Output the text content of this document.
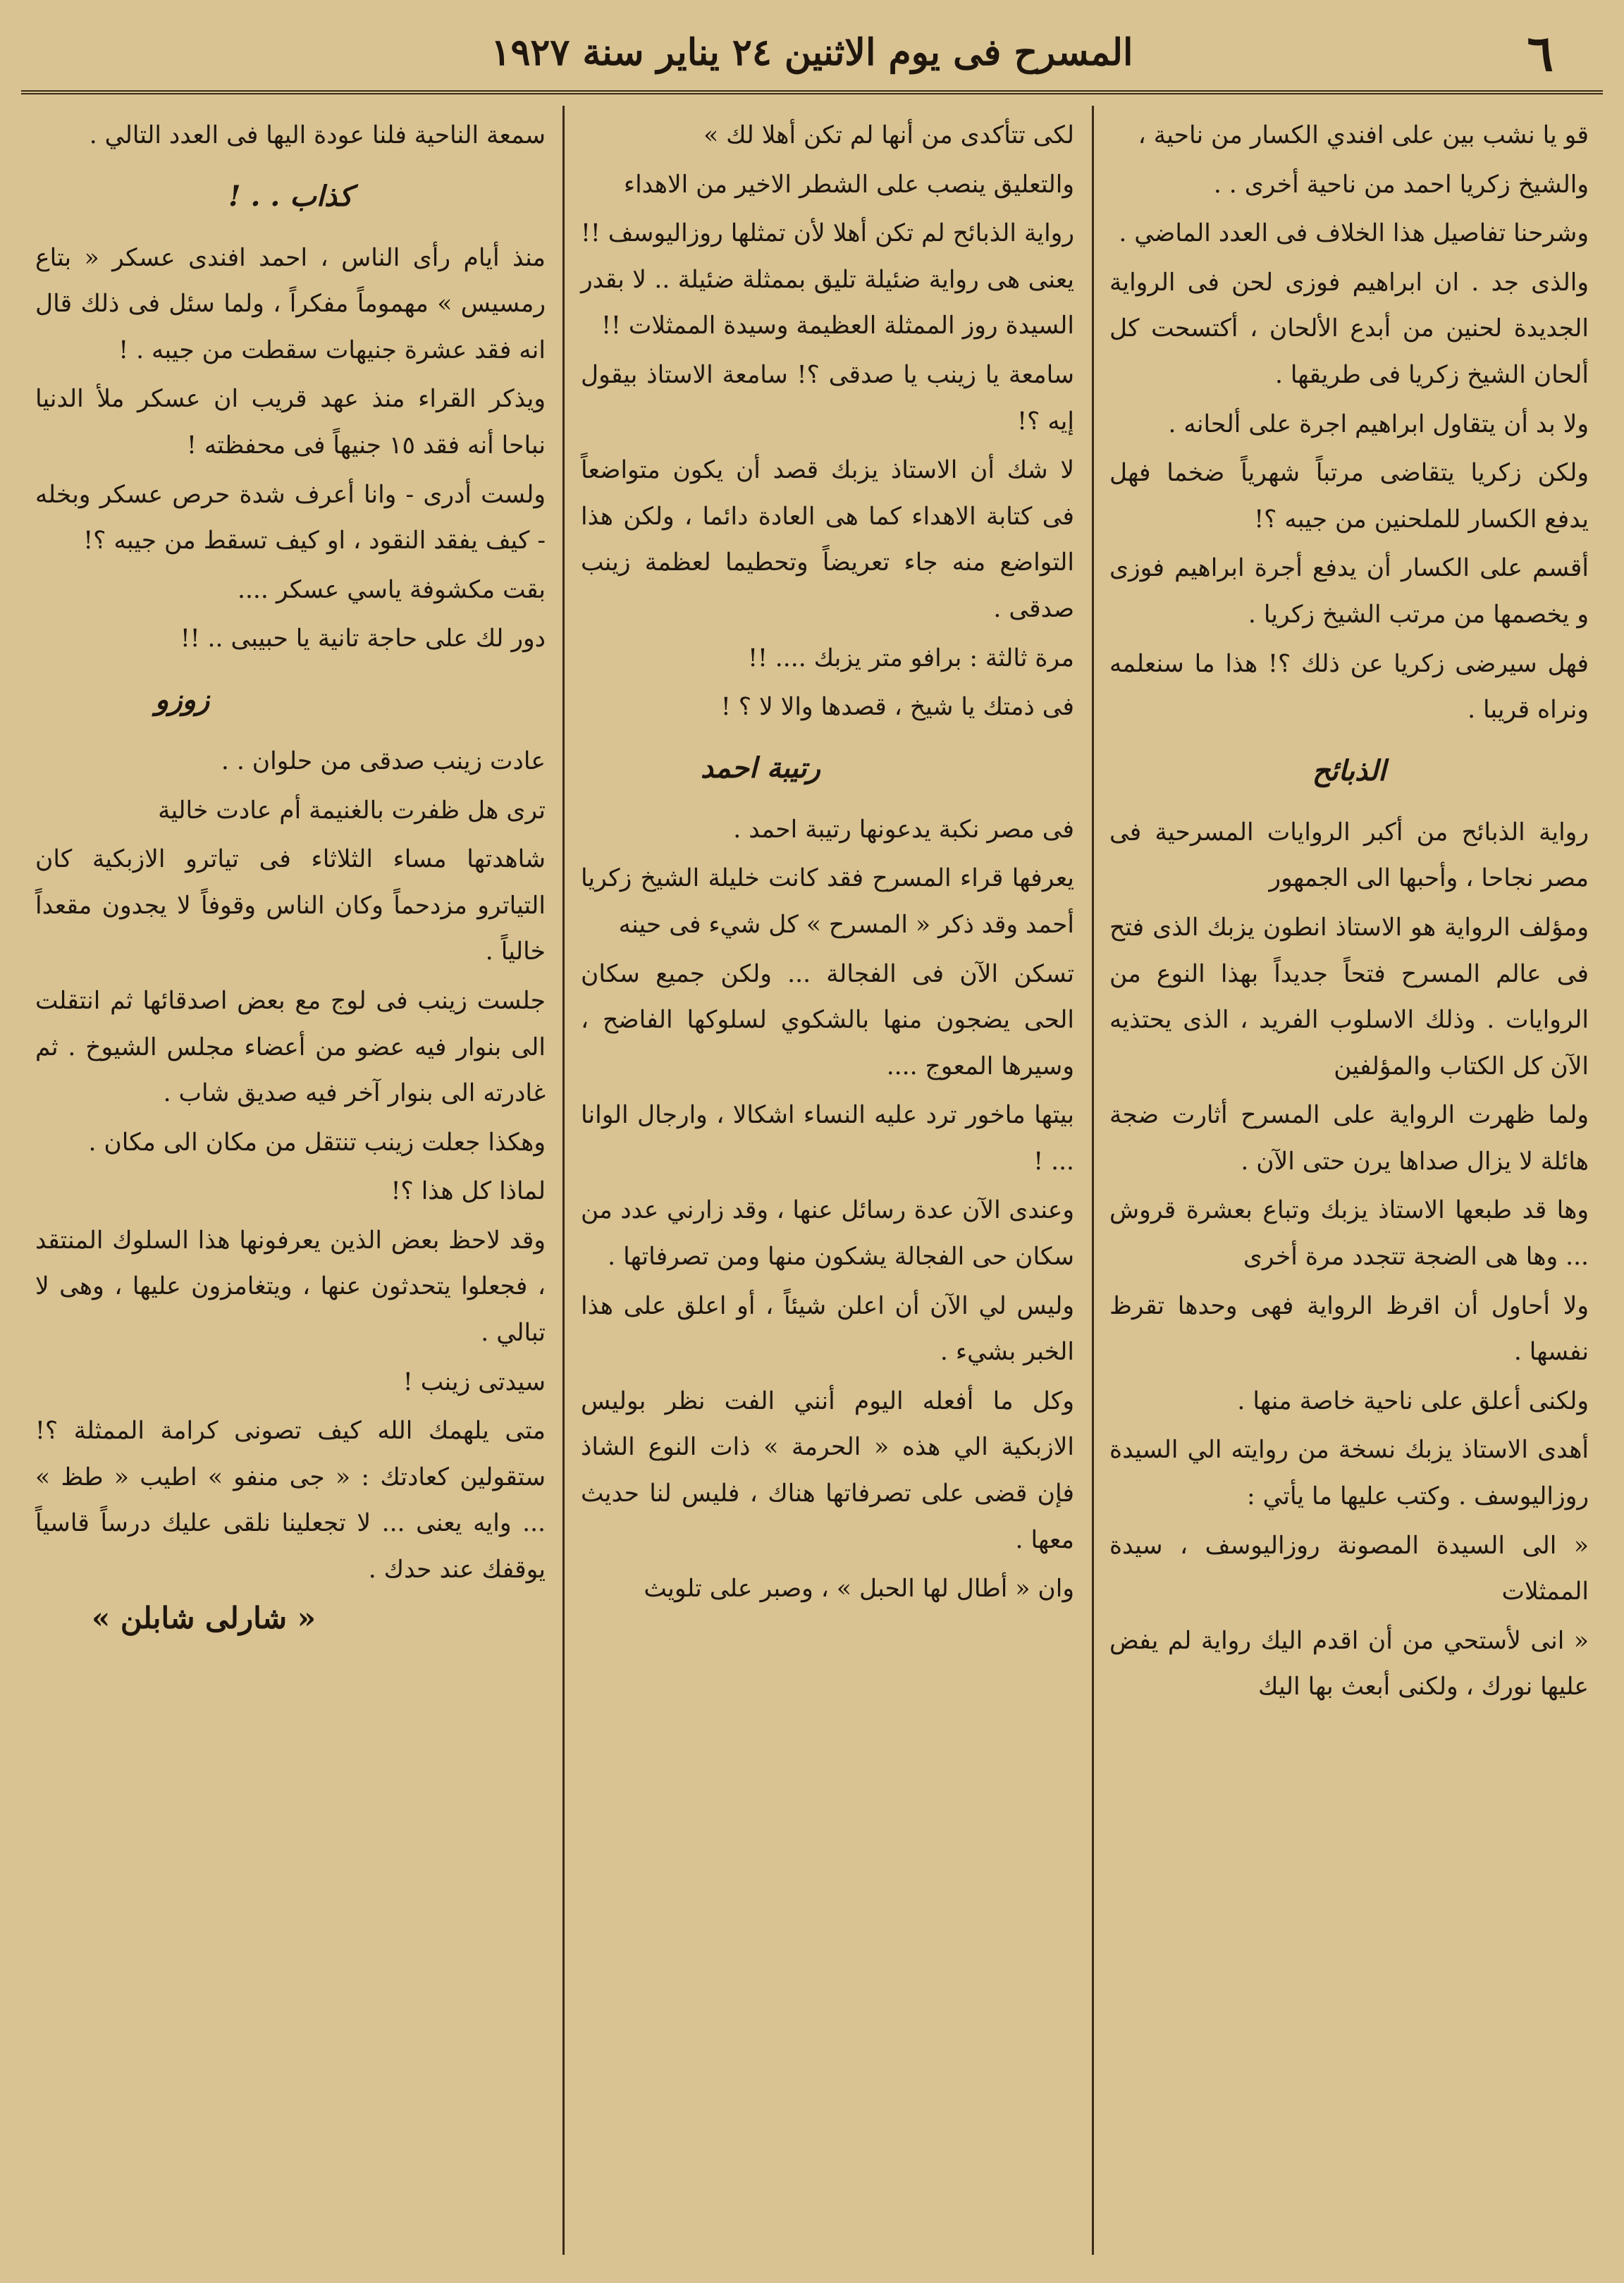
٦
المسرح فى يوم الاثنين ٢٤ يناير سنة ١٩٢٧

قو يا نشب بين على افندي الكسار من ناحية ،

والشيخ زكريا احمد من ناحية أخرى . .

وشرحنا تفاصيل هذا الخلاف فى العدد الماضي .

والذى جد . ان ابراهيم فوزى لحن فى الرواية الجديدة لحنين من أبدع الألحان ، أكتسحت كل ألحان الشيخ زكريا فى طريقها .

ولا بد أن يتقاول ابراهيم اجرة على ألحانه .

ولكن زكريا يتقاضى مرتباً شهرياً ضخما فهل يدفع الكسار للملحنين من جيبه ؟!

أقسم على الكسار أن يدفع أجرة ابراهيم فوزى و يخصمها من مرتب الشيخ زكريا .

فهل سيرضى زكريا عن ذلك ؟! هذا ما سنعلمه ونراه قريبا .

الذبائح

رواية الذبائح من أكبر الروايات المسرحية فى مصر نجاحا ، وأحبها الى الجمهور

ومؤلف الرواية هو الاستاذ انطون يزبك الذى فتح فى عالم المسرح فتحاً جديداً بهذا النوع من الروايات . وذلك الاسلوب الفريد ، الذى يحتذيه الآن كل الكتاب والمؤلفين

ولما ظهرت الرواية على المسرح أثارت ضجة هائلة لا يزال صداها يرن حتى الآن .

وها قد طبعها الاستاذ يزبك وتباع بعشرة قروش ... وها هى الضجة تتجدد مرة أخرى

ولا أحاول أن اقرظ الرواية فهى وحدها تقرظ نفسها .

ولكنى أعلق على ناحية خاصة منها .

أهدى الاستاذ يزبك نسخة من روايته الي السيدة روزاليوسف . وكتب عليها ما يأتي :

« الى السيدة المصونة روزاليوسف ، سيدة الممثلات

« انى لأستحي من أن اقدم اليك رواية لم يفض عليها نورك ، ولكنى أبعث بها اليك

لكى تتأكدى من أنها لم تكن أهلا لك »

والتعليق ينصب على الشطر الاخير من الاهداء

رواية الذبائح لم تكن أهلا لأن تمثلها روزاليوسف !! يعنى هى رواية ضئيلة تليق بممثلة ضئيلة .. لا بقدر السيدة روز الممثلة العظيمة وسيدة الممثلات !!

سامعة يا زينب يا صدقى ؟! سامعة الاستاذ بيقول إيه ؟!

لا شك أن الاستاذ يزبك قصد أن يكون متواضعاً فى كتابة الاهداء كما هى العادة دائما ، ولكن هذا التواضع منه جاء تعريضاً وتحطيما لعظمة زينب صدقى .

مرة ثالثة : برافو متر يزبك .... !!

فى ذمتك يا شيخ ، قصدها والا لا ؟ !

رتيبة احمد

فى مصر نكبة يدعونها رتيبة احمد .

يعرفها قراء المسرح فقد كانت خليلة الشيخ زكريا أحمد وقد ذكر « المسرح » كل شيء فى حينه

تسكن الآن فى الفجالة ... ولكن جميع سكان الحى يضجون منها بالشكوي لسلوكها الفاضح ، وسيرها المعوج ....

بيتها ماخور ترد عليه النساء اشكالا ، وارجال الوانا ... !

وعندى الآن عدة رسائل عنها ، وقد زارني عدد من سكان حى الفجالة يشكون منها ومن تصرفاتها .

وليس لي الآن أن اعلن شيئاً ، أو اعلق على هذا الخبر بشيء .

وكل ما أفعله اليوم أنني الفت نظر بوليس الازبكية الي هذه « الحرمة » ذات النوع الشاذ فإن قضى على تصرفاتها هناك ، فليس لنا حديث معها .

وان « أطال لها الحبل » ، وصبر على تلويث

سمعة الناحية فلنا عودة اليها فى العدد التالي .

كذاب . . !

منذ أيام رأى الناس ، احمد افندى عسكر « بتاع رمسيس » مهموماً مفكراً ، ولما سئل فى ذلك قال انه فقد عشرة جنيهات سقطت من جيبه . !

ويذكر القراء منذ عهد قريب ان عسكر ملأ الدنيا نباحا أنه فقد ١٥ جنيهاً فى محفظته !

ولست أدرى - وانا أعرف شدة حرص عسكر وبخله - كيف يفقد النقود ، او كيف تسقط من جيبه ؟!

بقت مكشوفة ياسي عسكر ....

دور لك على حاجة تانية يا حبيبى .. !!

زوزو

عادت زينب صدقى من حلوان . .

ترى هل ظفرت بالغنيمة أم عادت خالية

شاهدتها مساء الثلاثاء فى تياترو الازبكية كان التياترو مزدحماً وكان الناس وقوفاً لا يجدون مقعداً خالياً .

جلست زينب فى لوج مع بعض اصدقائها ثم انتقلت الى بنوار فيه عضو من أعضاء مجلس الشيوخ . ثم غادرته الى بنوار آخر فيه صديق شاب .

وهكذا جعلت زينب تنتقل من مكان الى مكان .

لماذا كل هذا ؟!

وقد لاحظ بعض الذين يعرفونها هذا السلوك المنتقد ، فجعلوا يتحدثون عنها ، ويتغامزون عليها ، وهى لا تبالي .

سيدتى زينب !

متى يلهمك الله كيف تصونى كرامة الممثلة ؟! ستقولين كعادتك : « جى منفو » اطيب « طظ » ... وايه يعنى ... لا تجعلينا نلقى عليك درساً قاسياً يوقفك عند حدك .

« شارلى شابلن »
